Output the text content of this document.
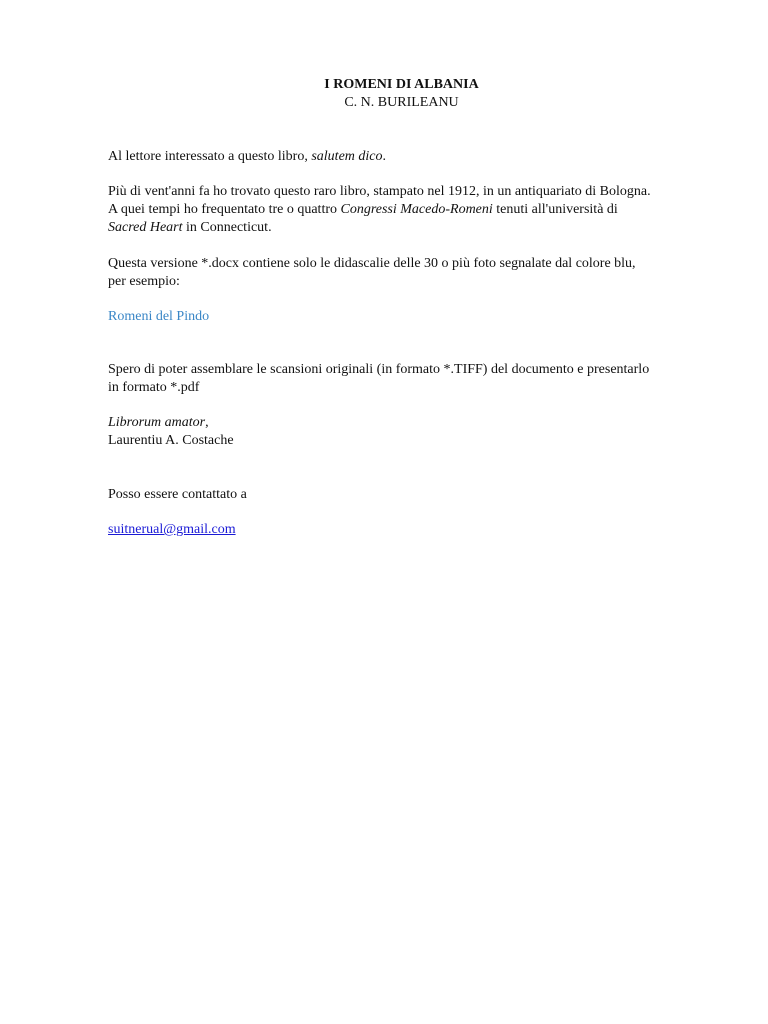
I ROMENI DI ALBANIA
C. N. BURILEANU
Al lettore interessato a questo libro, salutem dico.
Più di vent'anni fa ho trovato questo raro libro, stampato nel 1912, in un antiquariato di Bologna.
A quei tempi ho frequentato tre o quattro Congressi Macedo-Romeni tenuti all'università di
Sacred Heart in Connecticut.
Questa versione *.docx contiene solo le didascalie delle 30 o più foto segnalate dal colore blu,
per esempio:
Romeni del Pindo
Spero di poter assemblare le scansioni originali (in formato *.TIFF) del documento e presentarlo
in formato *.pdf
Librorum amator,
Laurentiu A. Costache
Posso essere contattato a
suitnerual@gmail.com
